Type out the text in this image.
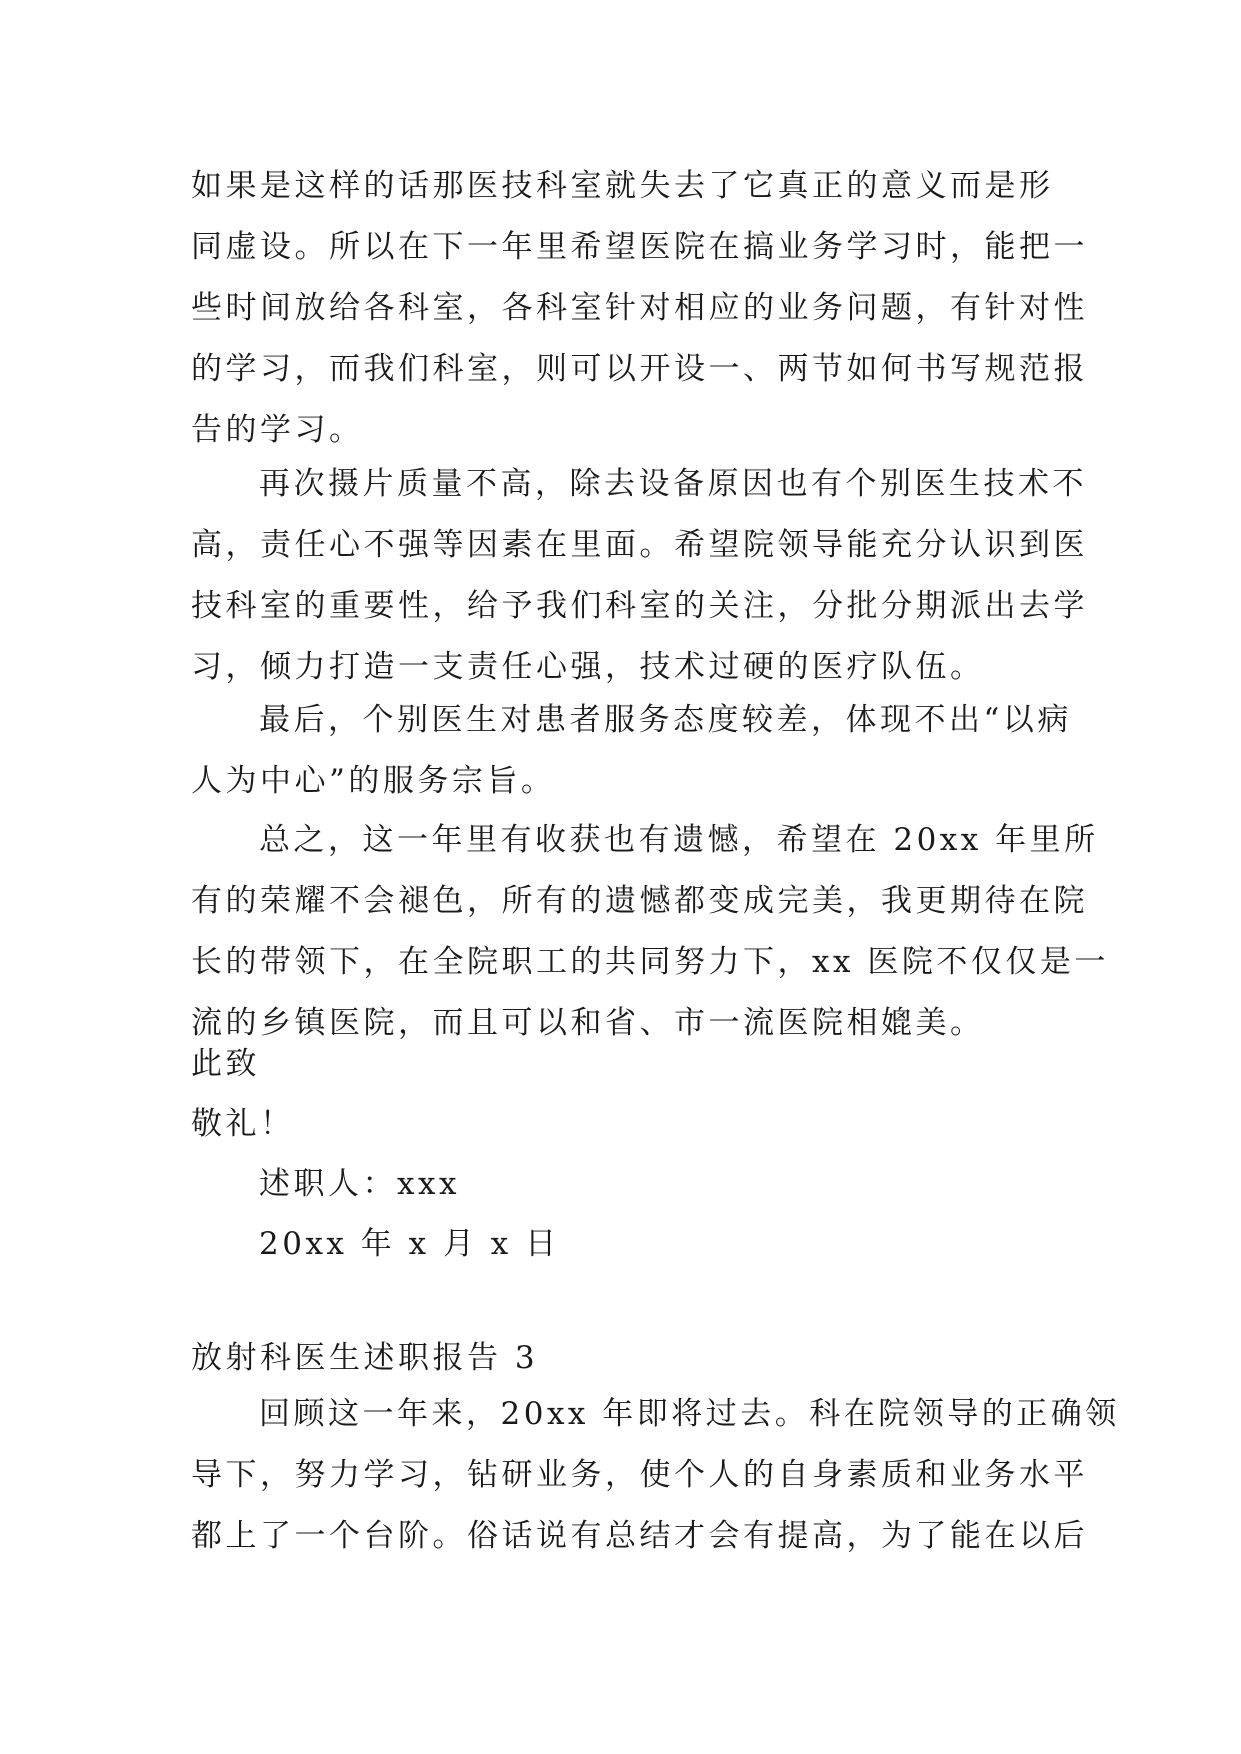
如果是这样的话那医技科室就失去了它真正的意义而是形
同虚设。所以在下一年里希望医院在搞业务学习时，能把一
些时间放给各科室，各科室针对相应的业务问题，有针对性
的学习，而我们科室，则可以开设一、两节如何书写规范报
告的学习。
再次摄片质量不高，除去设备原因也有个别医生技术不
高，责任心不强等因素在里面。希望院领导能充分认识到医
技科室的重要性，给予我们科室的关注，分批分期派出去学
习，倾力打造一支责任心强，技术过硬的医疗队伍。
最后，个别医生对患者服务态度较差，体现不出“以病
人为中心”的服务宗旨。
总之，这一年里有收获也有遗憾，希望在 20xx 年里所
有的荣耀不会褪色，所有的遗憾都变成完美，我更期待在院
长的带领下，在全院职工的共同努力下，xx 医院不仅仅是一
流的乡镇医院，而且可以和省、市一流医院相媲美。
此致
敬礼！
述职人：xxx
20xx 年 x 月 x 日
放射科医生述职报告 3
回顾这一年来，20xx 年即将过去。科在院领导的正确领
导下，努力学习，钻研业务，使个人的自身素质和业务水平
都上了一个台阶。俗话说有总结才会有提高，为了能在以后
